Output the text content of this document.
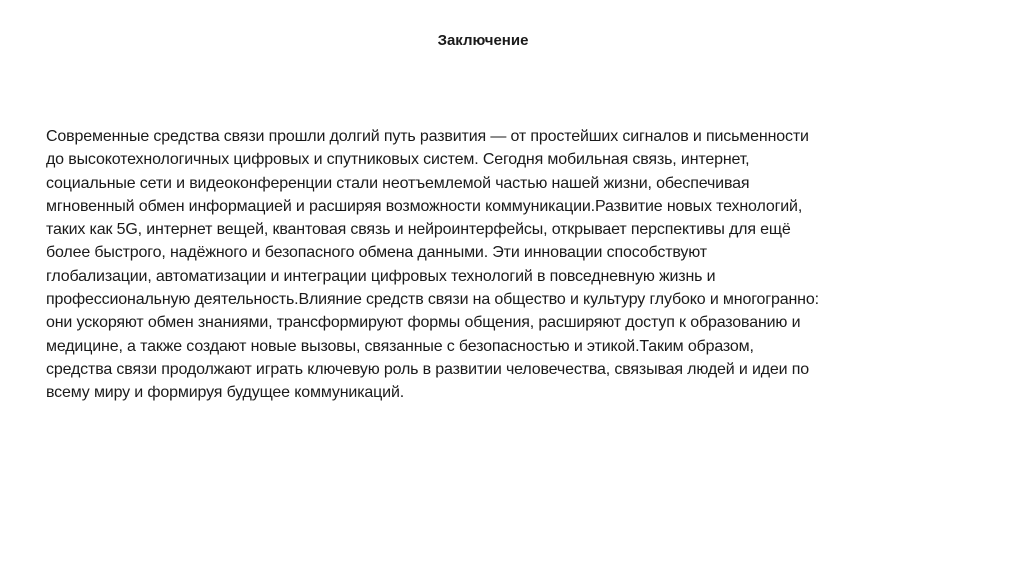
Заключение
Современные средства связи прошли долгий путь развития — от простейших сигналов и письменности
до высокотехнологичных цифровых и спутниковых систем. Сегодня мобильная связь, интернет,
социальные сети и видеоконференции стали неотъемлемой частью нашей жизни, обеспечивая
мгновенный обмен информацией и расширяя возможности коммуникации.Развитие новых технологий,
таких как 5G, интернет вещей, квантовая связь и нейроинтерфейсы, открывает перспективы для ещё
более быстрого, надёжного и безопасного обмена данными. Эти инновации способствуют
глобализации, автоматизации и интеграции цифровых технологий в повседневную жизнь и
профессиональную деятельность.Влияние средств связи на общество и культуру глубоко и многогранно:
они ускоряют обмен знаниями, трансформируют формы общения, расширяют доступ к образованию и
медицине, а также создают новые вызовы, связанные с безопасностью и этикой.Таким образом,
средства связи продолжают играть ключевую роль в развитии человечества, связывая людей и идеи по
всему миру и формируя будущее коммуникаций.
